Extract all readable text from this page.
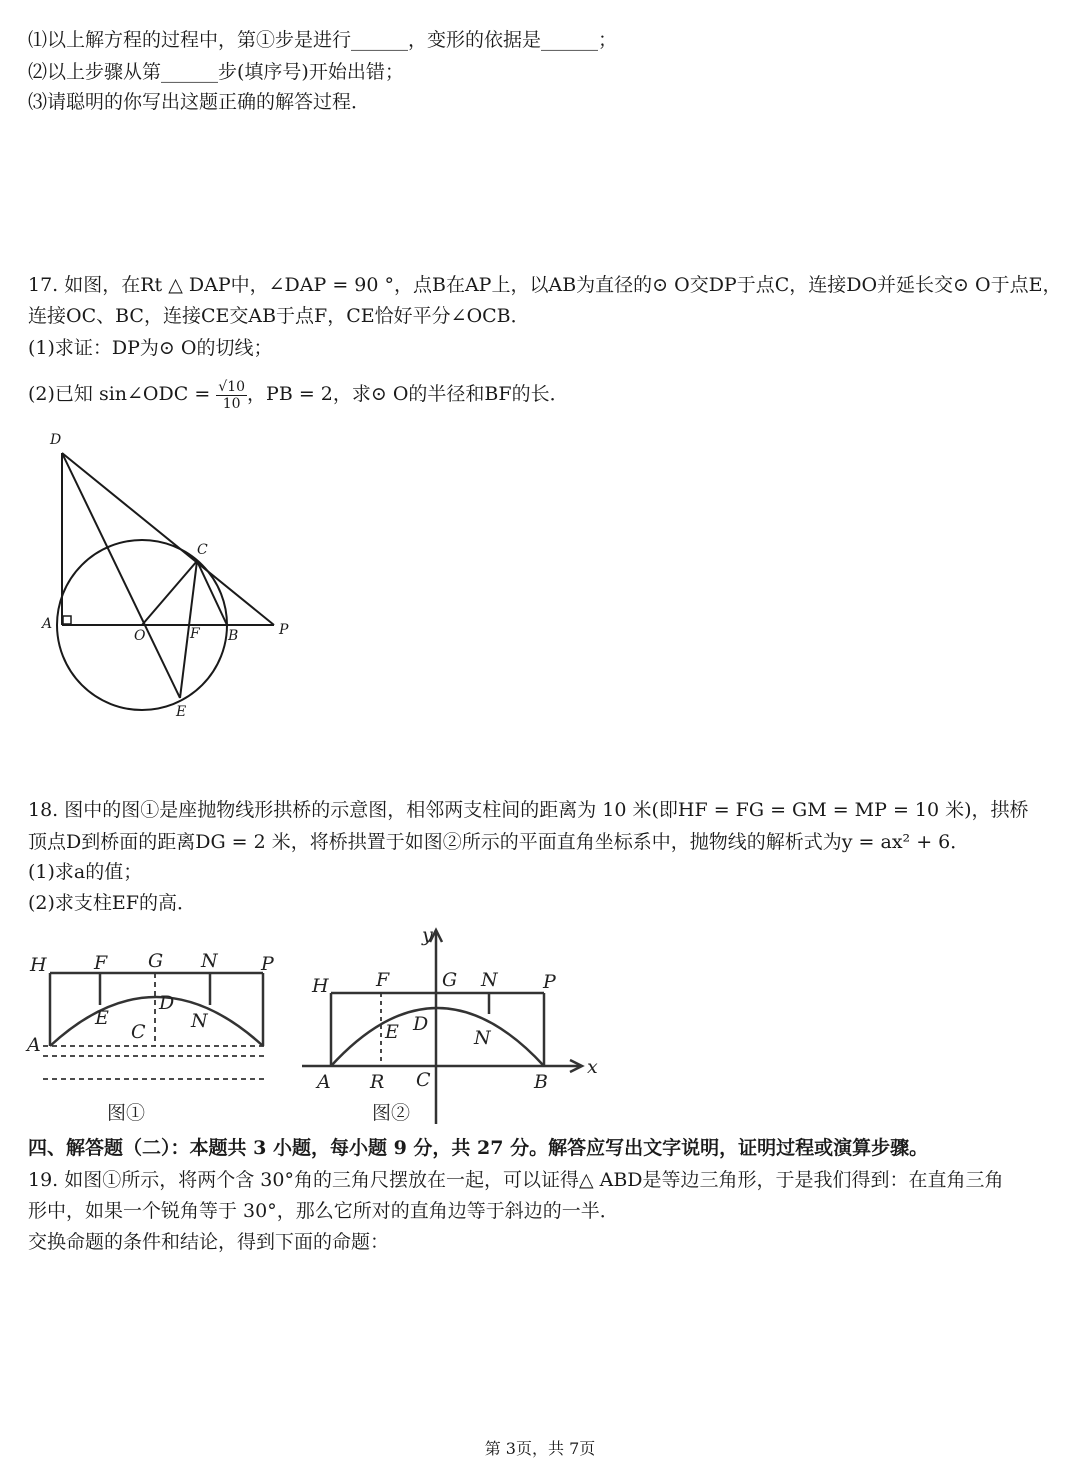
⑴以上解方程的过程中，第①步是进行______，变形的依据是______；
⑵以上步骤从第______步(填序号)开始出错；
⑶请聪明的你写出这题正确的解答过程．
17. 如图，在Rt △ DAP中，∠DAP = 90 °，点B在AP上，以AB为直径的⊙ O交DP于点C，连接DO并延长交⊙ O于点E，
连接OC、BC，连接CE交AB于点F，CE恰好平分∠OCB．
(1)求证：DP为⊙ O的切线；
(2)已知 sin∠ODC = $\frac{√10}{10}$ ，PB = 2，求⊙ O的半径和BF的长．
D
C
A
O	F B	P
E
18. 图中的图①是座抛物线形拱桥的示意图，相邻两支柱间的距离为 10 米(即HF = FG = GM = MP = 10 米)，拱桥
顶点D到桥面的距离DG = 2 米，将桥拱置于如图②所示的平面直角坐标系中，抛物线的解析式为y = ax² + 6．
(1)求a的值；
(2)求支柱EF的高．
H F G N P
E
D
C N
A
图①
y
H F	G N P
E D
N
A R C	B
x
图②
四、解答题（二）：本题共 3 小题，每小题 9 分，共 27 分。解答应写出文字说明，证明过程或演算步骤。
19. 如图①所示，将两个含 30°角的三角尺摆放在一起，可以证得△ ABD是等边三角形，于是我们得到：在直角三角
形中，如果一个锐角等于 30°，那么它所对的直角边等于斜边的一半．
交换命题的条件和结论，得到下面的命题：
第 3页，共 7页
